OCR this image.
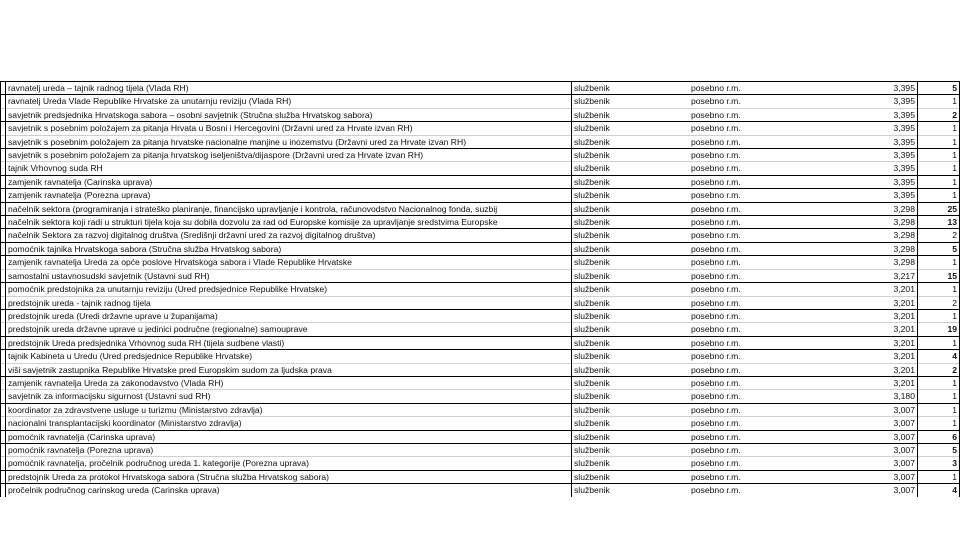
	ravnatelj ureda – tajnik radnog tijela (Vlada RH)	službenik	posebno r.m.	3,395	5
	ravnatelj Ureda Vlade Republike Hrvatske za unutarnju reviziju (Vlada RH)	službenik	posebno r.m.	3,395	1
	savjetnik predsjednika Hrvatskoga sabora – osobni savjetnik (Stručna služba Hrvatskog sabora)	službenik	posebno r.m.	3,395	2
	savjetnik s posebnim položajem za pitanja Hrvata u Bosni i Hercegovini (Državni ured za Hrvate izvan RH)	službenik	posebno r.m.	3,395	1
	savjetnik s posebnim položajem za pitanja hrvatske nacionalne manjine u inozemstvu (Državni ured za Hrvate izvan RH)	službenik	posebno r.m.	3,395	1
	savjetnik s posebnim položajem za pitanja hrvatskog iseljeništva/dijaspore (Državni ured za Hrvate izvan RH)	službenik	posebno r.m.	3,395	1
	tajnik Vrhovnog suda RH	službenik	posebno r.m.	3,395	1
	zamjenik ravnatelja (Carinska uprava)	službenik	posebno r.m.	3,395	1
	zamjenik ravnatelja (Porezna uprava)	službenik	posebno r.m.	3,395	1
	načelnik sektora (programiranja i strateško planiranje, financijsko upravljanje i kontrola, računovodstvo Nacionalnog fonda, suzbij	službenik	posebno r.m.	3,298	25
	načelnik sektora koji radi u strukturi tijela koja su dobila dozvolu za rad od Europske komisije za upravljanje sredstvima Europske	službenik	posebno r.m.	3,298	13
	načelnik Sektora za razvoj digitalnog društva (Središnji državni ured za razvoj digitalnog društva)	službenik	posebno r.m.	3,298	2
	pomoćnik tajnika Hrvatskoga sabora (Stručna služba Hrvatskog sabora)	službenik	posebno r.m.	3,298	5
	zamjenik ravnatelja Ureda za opće poslove Hrvatskoga sabora i Vlade Republike Hrvatske	službenik	posebno r.m.	3,298	1
	samostalni ustavnosudski savjetnik (Ustavni sud RH)	službenik	posebno r.m.	3,217	15
	pomoćnik predstojnika za unutarnju reviziju (Ured predsjednice Republike Hrvatske)	službenik	posebno r.m.	3,201	1
	predstojnik ureda - tajnik radnog tijela	službenik	posebno r.m.	3,201	2
	predstojnik ureda (Uredi državne uprave u županijama)	službenik	posebno r.m.	3,201	1
	predstojnik ureda državne uprave u jedinici područne (regionalne) samouprave	službenik	posebno r.m.	3,201	19
	predstojnik Ureda predsjednika Vrhovnog suda RH (tijela sudbene vlasti)	službenik	posebno r.m.	3,201	1
	tajnik Kabineta u Uredu (Ured predsjednice Republike Hrvatske)	službenik	posebno r.m.	3,201	4
	viši savjetnik zastupnika Republike Hrvatske pred Europskim sudom za ljudska prava	službenik	posebno r.m.	3,201	2
	zamjenik ravnatelja Ureda za zakonodavstvo (Vlada RH)	službenik	posebno r.m.	3,201	1
	savjetnik za informacijsku sigurnost (Ustavni sud RH)	službenik	posebno r.m.	3,180	1
	koordinator za zdravstvene usluge u turizmu (Ministarstvo zdravlja)	službenik	posebno r.m.	3,007	1
	nacionalni transplantacijski koordinator (Ministarstvo zdravlja)	službenik	posebno r.m.	3,007	1
	pomoćnik ravnatelja (Carinska uprava)	službenik	posebno r.m.	3,007	6
	pomoćnik ravnatelja (Porezna uprava)	službenik	posebno r.m.	3,007	5
	pomoćnik ravnatelja, pročelnik područnog ureda 1. kategorije (Porezna uprava)	službenik	posebno r.m.	3,007	3
	predstojnik Ureda za protokol Hrvatskoga sabora (Stručna služba Hrvatskog sabora)	službenik	posebno r.m.	3,007	1
	pročelnik područnog carinskog ureda (Carinska uprava)	službenik	posebno r.m.	3,007	4
